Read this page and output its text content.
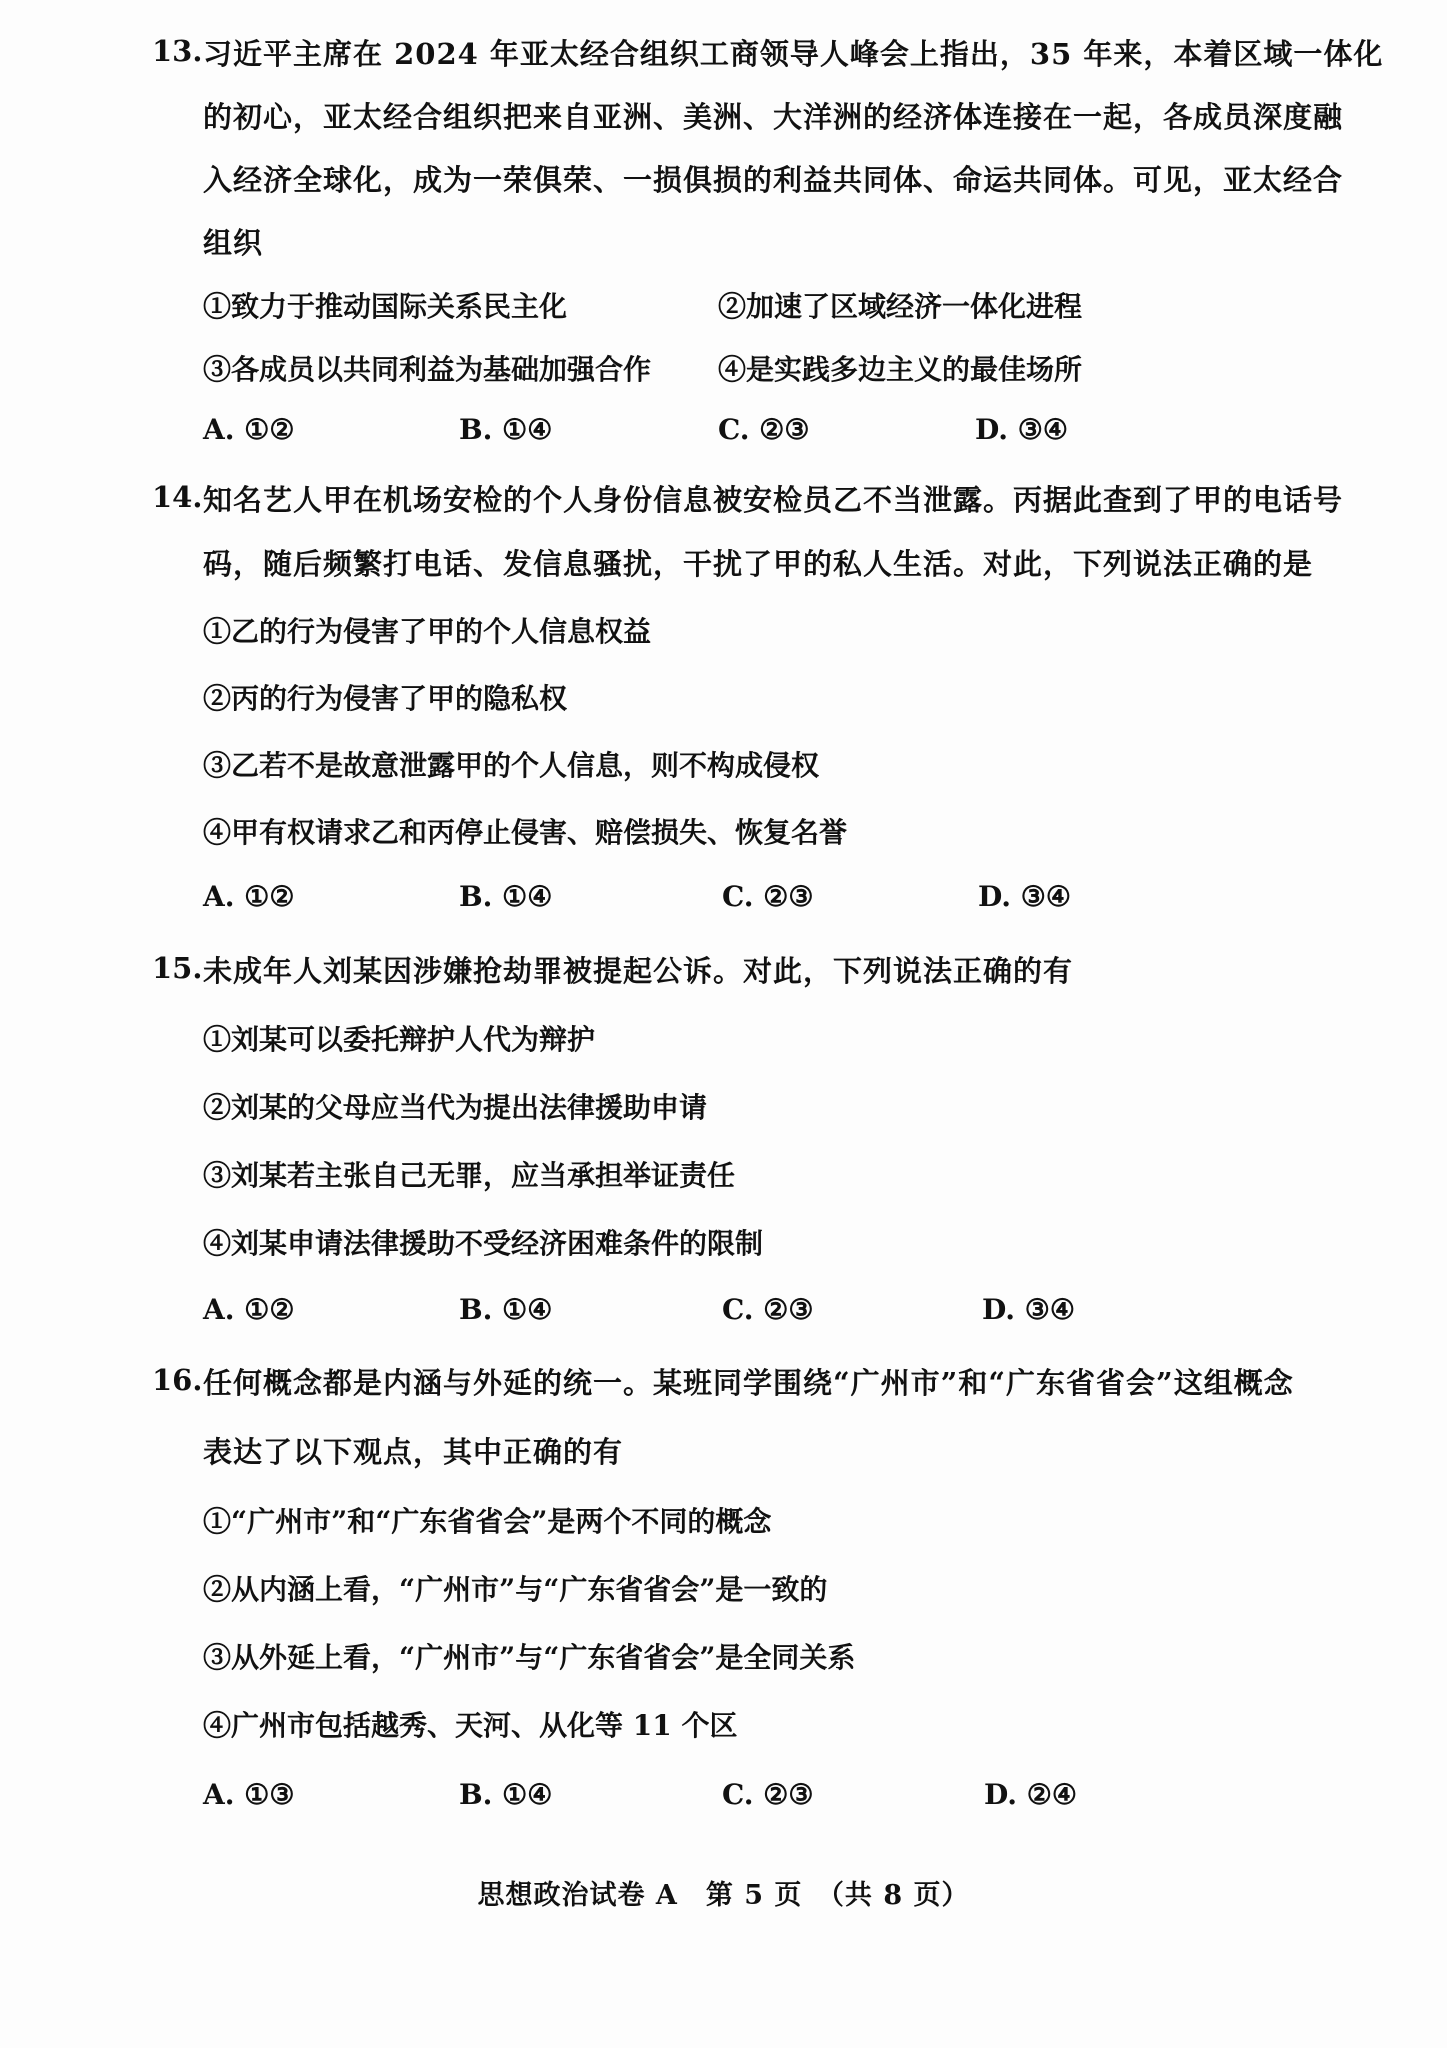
13. 习近平主席在 2024 年亚太经合组织工商领导人峰会上指出，35 年来，本着区域一体化
的初心，亚太经合组织把来自亚洲、美洲、大洋洲的经济体连接在一起，各成员深度融
入经济全球化，成为一荣俱荣、一损俱损的利益共同体、命运共同体。可见，亚太经合
组织
①致力于推动国际关系民主化	②加速了区域经济一体化进程
③各成员以共同利益为基础加强合作 ④是实践多边主义的最佳场所
A. ①②	B. ①④	C. ②③	D. ③④
14. 知名艺人甲在机场安检的个人身份信息被安检员乙不当泄露。丙据此查到了甲的电话号
码，随后频繁打电话、发信息骚扰，干扰了甲的私人生活。对此，下列说法正确的是
①乙的行为侵害了甲的个人信息权益
②丙的行为侵害了甲的隐私权
③乙若不是故意泄露甲的个人信息，则不构成侵权
④甲有权请求乙和丙停止侵害、赔偿损失、恢复名誉
A. ①②	B. ①④	C. ②③	D. ③④
15. 未成年人刘某因涉嫌抢劫罪被提起公诉。对此，下列说法正确的有
①刘某可以委托辩护人代为辩护
②刘某的父母应当代为提出法律援助申请
③刘某若主张自己无罪，应当承担举证责任
④刘某申请法律援助不受经济困难条件的限制
A. ①②	B. ①④	C. ②③	D. ③④
16. 任何概念都是内涵与外延的统一。某班同学围绕“广州市”和“广东省省会”这组概念
表达了以下观点，其中正确的有
①“广州市”和“广东省省会”是两个不同的概念
②从内涵上看，“广州市”与“广东省省会”是一致的
③从外延上看，“广州市”与“广东省省会”是全同关系
④广州市包括越秀、天河、从化等 11 个区
A. ①③	B. ①④	C. ②③	D. ②④
思想政治试卷 A　第 5 页　（共 8 页）
